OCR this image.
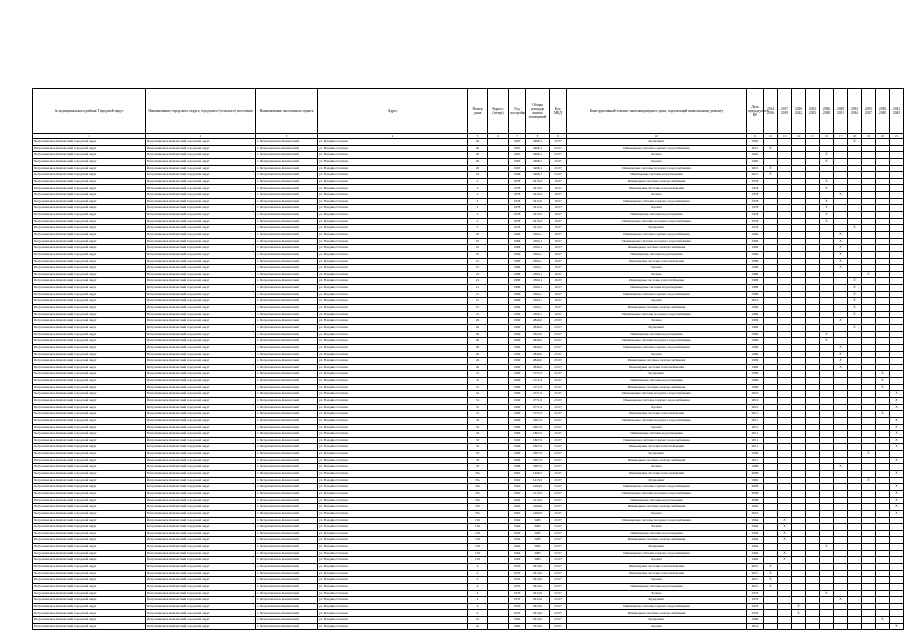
№ муниципального района/ Городской округ	Наименование городского округа, городского (сельского) поселения	Наименование населенного пункта	Адрес	Номер дома	Корпус (литер)	Год постройки	Общая площадь жилых помещений	Кол. МКД	Конструктивный элемент многоквартирного дома, подлежащий капитальному ремонту	Дата предыдущего КР	2014 2016	2017 2019	2020 2022	2023 2025	2026 2028	2029 2031	2032 2034	2035 2037	2038 2040	2041 2043
1	2	3	4	5	6	7	8	9	10	11	12	13	14	15	16	17	18	19	20	21
Петропавловск-Камчатский городской округ	Петропавловск-Камчатский городской округ	г. Петропавловск-Камчатский	ул. Владивостокская	20		1965	3408,1	23 07	Фундамент	1965							X			
Петропавловск-Камчатский городской округ	Петропавловск-Камчатский городской округ	г. Петропавловск-Камчатский	ул. Владивостокская	20		1965	3408,1	23 07	Инженерные системы горячего водоснабжения	2015	X									
Петропавловск-Камчатский городской округ	Петропавловск-Камчатский городской округ	г. Петропавловск-Камчатский	ул. Владивостокская	20		1965	3408,1	23 07	Балкон	1965					X					
Петропавловск-Камчатский городской округ	Петропавловск-Камчатский городской округ	г. Петропавловск-Камчатский	ул. Владивостокская	20		1965	3408,1	23 07	Кровля	1965					X					
Петропавловск-Камчатский городской округ	Петропавловск-Камчатский городской округ	г. Петропавловск-Камчатский	ул. Владивостокская	20		1965	3408,1	23 07	Инженерные системы холодного водоснабжения	2015	X									
Петропавловск-Камчатский городской округ	Петропавловск-Камчатский городской округ	г. Петропавловск-Камчатский	ул. Владивостокская	19		1968	3408,1	23 07	Инженерные системы водоотведения	2015	X									
Петропавловск-Камчатский городской округ	Петропавловск-Камчатский городской округ	г. Петропавловск-Камчатский	ул. Владивостокская	2		1978	5415,6	16 07	Инженерные системы электроснабжения	1978					X					
Петропавловск-Камчатский городской округ	Петропавловск-Камчатский городской округ	г. Петропавловск-Камчатский	ул. Владивостокская	2		1978	5415,6	16 07	Инженерные системы теплоснабжения	1978					X					
Петропавловск-Камчатский городской округ	Петропавловск-Камчатский городской округ	г. Петропавловск-Камчатский	ул. Владивостокская	2		1978	5415,6	16 07	Балкон	1978						X				
Петропавловск-Камчатский городской округ	Петропавловск-Камчатский городской округ	г. Петропавловск-Камчатский	ул. Владивостокская	2		1978	5415,6	16 07	Инженерные системы горячего водоснабжения	1978					X					
Петропавловск-Камчатский городской округ	Петропавловск-Камчатский городской округ	г. Петропавловск-Камчатский	ул. Владивостокская	2		1978	5415,6	16 07	Кровля	1978					X					
Петропавловск-Камчатский городской округ	Петропавловск-Камчатский городской округ	г. Петропавловск-Камчатский	ул. Владивостокская	2		1978	5415,6	16 07	Инженерные системы водоотведения	1978					X					
Петропавловск-Камчатский городской округ	Петропавловск-Камчатский городской округ	г. Петропавловск-Камчатский	ул. Владивостокская	2		1978	5415,6	16 07	Инженерные системы холодного водоснабжения	1978					X					
Петропавловск-Камчатский городской округ	Петропавловск-Камчатский городской округ	г. Петропавловск-Камчатский	ул. Владивостокская	2		1978	5415,6	16 07	Фундамент	1978							X			
Петропавловск-Камчатский городской округ	Петропавловск-Камчатский городской округ	г. Петропавловск-Камчатский	ул. Владивостокская	25		1984	2304,1	16 07	Инженерные системы горячего водоснабжения	1984						X				
Петропавловск-Камчатский городской округ	Петропавловск-Камчатский городской округ	г. Петропавловск-Камчатский	ул. Владивостокская	25		1984	2304,1	16 07	Инженерные системы холодного водоснабжения	1984						X				
Петропавловск-Камчатский городской округ	Петропавловск-Камчатский городской округ	г. Петропавловск-Камчатский	ул. Владивостокская	25		1984	2304,1	16 07	Инженерные системы электроснабжения	1984						X				
Петропавловск-Камчатский городской округ	Петропавловск-Камчатский городской округ	г. Петропавловск-Камчатский	ул. Владивостокская	25		1984	2304,1	16 07	Инженерные системы водоотведения	1984						X				
Петропавловск-Камчатский городской округ	Петропавловск-Камчатский городской округ	г. Петропавловск-Камчатский	ул. Владивостокская	21		1986	2304,1	16 07	Инженерные системы теплоснабжения	1986						X				
Петропавловск-Камчатский городской округ	Петропавловск-Камчатский городской округ	г. Петропавловск-Камчатский	ул. Владивостокская	21		1986	2304,1	16 07	Кровля	1986						X				
Петропавловск-Камчатский городской округ	Петропавловск-Камчатский городской округ	г. Петропавловск-Камчатский	ул. Владивостокская	23		1986	2304,1	16 07	Балкон	1986								X		
Петропавловск-Камчатский городской округ	Петропавловск-Камчатский городской округ	г. Петропавловск-Камчатский	ул. Владивостокская	21		1986	2304,1	16 07	Инженерные системы теплоснабжения	1986							X			
Петропавловск-Камчатский городской округ	Петропавловск-Камчатский городской округ	г. Петропавловск-Камчатский	ул. Владивостокская	21		1986	2304,1	16 07	Инженерные системы водоотведения	1986							X			
Петропавловск-Камчатский городской округ	Петропавловск-Камчатский городской округ	г. Петропавловск-Камчатский	ул. Владивостокская	21		1986	2304,1	16 07	Инженерные системы горячего водоснабжения	1986							X			
Петропавловск-Камчатский городской округ	Петропавловск-Камчатский городской округ	г. Петропавловск-Камчатский	ул. Владивостокская	21		1986	2304,1	16 07	Кровля	2016							X			
Петропавловск-Камчатский городской округ	Петропавловск-Камчатский городской округ	г. Петропавловск-Камчатский	ул. Владивостокская	21		1984	2304,1	16 07	Инженерные системы электроснабжения	1984							X			
Петропавловск-Камчатский городской округ	Петропавловск-Камчатский городской округ	г. Петропавловск-Камчатский	ул. Владивостокская	21		1984	2304,1	16 07	Инженерные системы холодного водоснабжения	1984							X			
Петропавловск-Камчатский городской округ	Петропавловск-Камчатский городской округ	г. Петропавловск-Камчатский	ул. Владивостокская	29		1969	2840,0	23 07	Балкон	1969						X				
Петропавловск-Камчатский городской округ	Петропавловск-Камчатский городской округ	г. Петропавловск-Камчатский	ул. Владивостокская	29		1969	2840,0	23 07	Фундамент	1969							X			
Петропавловск-Камчатский городской округ	Петропавловск-Камчатский городской округ	г. Петропавловск-Камчатский	ул. Владивостокская	29		1969	1843,6	23 07	Инженерные системы водоотведения	1969					X					
Петропавловск-Камчатский городской округ	Петропавловск-Камчатский городской округ	г. Петропавловск-Камчатский	ул. Владивостокская	26		1969	2840,0	23 07	Инженерные системы холодного водоснабжения	1969					X					
Петропавловск-Камчатский городской округ	Петропавловск-Камчатский городской округ	г. Петропавловск-Камчатский	ул. Владивостокская	26		1969	2840,0	23 07	Инженерные системы горячего водоснабжения	1969						X				
Петропавловск-Камчатский городской округ	Петропавловск-Камчатский городской округ	г. Петропавловск-Камчатский	ул. Владивостокская	26		1969	2840,0	23 07	Кровля	1969						X				
Петропавловск-Камчатский городской округ	Петропавловск-Камчатский городской округ	г. Петропавловск-Камчатский	ул. Владивостокская	26		1969	2840,0	23 07	Инженерные системы электроснабжения	1969						X				
Петропавловск-Камчатский городской округ	Петропавловск-Камчатский городской округ	г. Петропавловск-Камчатский	ул. Владивостокская	26		1969	2840,0	23 07	Инженерные системы теплоснабжения	1969						X				
Петропавловск-Камчатский городской округ	Петропавловск-Камчатский городской округ	г. Петропавловск-Камчатский	ул. Владивостокская	31		1969	2771,9	25 07	Фундамент	1969									X	
Петропавловск-Камчатский городской округ	Петропавловск-Камчатский городской округ	г. Петропавловск-Камчатский	ул. Владивостокская	31		1969	2771,9	25 07	Инженерные системы водоотведения	1969									X	
Петропавловск-Камчатский городской округ	Петропавловск-Камчатский городской округ	г. Петропавловск-Камчатский	ул. Владивостокская	31		1969	2771,9	25 07	Инженерные системы электроснабжения	1969									X	
Петропавловск-Камчатский городской округ	Петропавловск-Камчатский городской округ	г. Петропавловск-Камчатский	ул. Владивостокская	31		1969	2771,9	25 07	Инженерные системы холодного водоснабжения	2010										X
Петропавловск-Камчатский городской округ	Петропавловск-Камчатский городской округ	г. Петропавловск-Камчатский	ул. Владивостокская	31		1969	2771,9	25 07	Инженерные системы горячего водоснабжения	2010										X
Петропавловск-Камчатский городской округ	Петропавловск-Камчатский городской округ	г. Петропавловск-Камчатский	ул. Владивостокская	31		1969	2771,9	25 07	Кровля	2010										X
Петропавловск-Камчатский городской округ	Петропавловск-Камчатский городской округ	г. Петропавловск-Камчатский	ул. Владивостокская	31		1969	2771,9	25 07	Инженерные системы теплоснабжения	2011									X	
Петропавловск-Камчатский городской округ	Петропавловск-Камчатский городской округ	г. Петропавловск-Камчатский	ул. Владивостокская	33		1966	1807,9	23 07	Инженерные системы холодного водоснабжения	2011										X
Петропавловск-Камчатский городской округ	Петропавловск-Камчатский городской округ	г. Петропавловск-Камчатский	ул. Владивостокская	33		1966	1807,9	23 07	Кровля	2013										X
Петропавловск-Камчатский городской округ	Петропавловск-Камчатский городской округ	г. Петропавловск-Камчатский	ул. Владивостокская	33		1966	1807,9	23 07	Инженерные системы водоотведения	2011										X
Петропавловск-Камчатский городской округ	Петропавловск-Камчатский городской округ	г. Петропавловск-Камчатский	ул. Владивостокская	33		1966	1807,9	23 07	Инженерные системы горячего водоснабжения	2011										X
Петропавловск-Камчатский городской округ	Петропавловск-Камчатский городской округ	г. Петропавловск-Камчатский	ул. Владивостокская	33		1966	1807,9	23 07	Инженерные системы теплоснабжения	2011										X
Петропавловск-Камчатский городской округ	Петропавловск-Камчатский городской округ	г. Петропавловск-Камчатский	ул. Владивостокская	33		1966	1807,9	23 07	Фундамент	1966								X		
Петропавловск-Камчатский городской округ	Петропавловск-Камчатский городской округ	г. Петропавловск-Камчатский	ул. Владивостокская	33		1966	1807,9	23 07	Инженерные системы электроснабжения	2011										X
Петропавловск-Камчатский городской округ	Петропавловск-Камчатский городской округ	г. Петропавловск-Камчатский	ул. Владивостокская	35		1968	1897,9	23 07	Балкон	1968						X				
Петропавловск-Камчатский городской округ	Петропавловск-Камчатский городской округ	г. Петропавловск-Камчатский	ул. Владивостокская	35а		1962	1409,5	23 07	Инженерные системы теплоснабжения	2008										X
Петропавловск-Камчатский городской округ	Петропавловск-Камчатский городской округ	г. Петропавловск-Камчатский	ул. Владивостокская	35а		1962	1413,9	23 07	Фундамент	1962								X		
Петропавловск-Камчатский городской округ	Петропавловск-Камчатский городской округ	г. Петропавловск-Камчатский	ул. Владивостокская	35а		1962	1409,9	23 07	Инженерные системы горячего водоснабжения	2008										X
Петропавловск-Камчатский городской округ	Петропавловск-Камчатский городской округ	г. Петропавловск-Камчатский	ул. Владивостокская	35а		1962	1413,9	23 07	Инженерные системы холодного водоснабжения	2008										X
Петропавловск-Камчатский городской округ	Петропавловск-Камчатский городской округ	г. Петропавловск-Камчатский	ул. Владивостокская	35а		1962	1413,9	23 07	Инженерные системы водоотведения	2008										X
Петропавловск-Камчатский городской округ	Петропавловск-Камчатский городской округ	г. Петропавловск-Камчатский	ул. Владивостокская	35а		1962	1409,9	23 07	Инженерные системы электроснабжения	1962										X
Петропавловск-Камчатский городской округ	Петропавловск-Камчатский городской округ	г. Петропавловск-Камчатский	ул. Владивостокская	35а		1962	1409,9	23 07	Кровля	2010										X
Петропавловск-Камчатский городской округ	Петропавловск-Камчатский городской округ	г. Петропавловск-Камчатский	ул. Владивостокская	156		1964	3485	23 07	Инженерные системы холодного водоснабжения	1964		X								
Петропавловск-Камчатский городской округ	Петропавловск-Камчатский городской округ	г. Петропавловск-Камчатский	ул. Владивостокская	156		1964	3485	23 07	Балкон	1964		X								
Петропавловск-Камчатский городской округ	Петропавловск-Камчатский городской округ	г. Петропавловск-Камчатский	ул. Владивостокская	156		1964	3485	23 07	Инженерные системы водоотведения	1964		X								
Петропавловск-Камчатский городской округ	Петропавловск-Камчатский городской округ	г. Петропавловск-Камчатский	ул. Владивостокская	156		1964	3485	23 07	Инженерные системы электроснабжения	1964		X								
Петропавловск-Камчатский городской округ	Петропавловск-Камчатский городской округ	г. Петропавловск-Камчатский	ул. Владивостокская	156		1964	3485	23 07	Фундамент	1964					X					
Петропавловск-Камчатский городской округ	Петропавловск-Камчатский городской округ	г. Петропавловск-Камчатский	ул. Владивостокская	156		1964	3485	23 07	Инженерные системы горячего водоснабжения	1964		X								
Петропавловск-Камчатский городской округ	Петропавловск-Камчатский городской округ	г. Петропавловск-Камчатский	ул. Владивостокская	156		1964	3485	23 07	Кровля	1964		X								
Петропавловск-Камчатский городской округ	Петропавловск-Камчатский городской округ	г. Петропавловск-Камчатский	ул. Владивостокская	4		1979	5613,6	23 07	Инженерные системы теплоснабжения	2015	X									
Петропавловск-Камчатский городской округ	Петропавловск-Камчатский городской округ	г. Петропавловск-Камчатский	ул. Владивостокская	4		1979	5613,6	23 07	Инженерные системы теплоснабжения	2015	X									
Петропавловск-Камчатский городской округ	Петропавловск-Камчатский городской округ	г. Петропавловск-Камчатский	ул. Владивостокская	4		1979	5613,6	23 07	Кровля	2015	X									
Петропавловск-Камчатский городской округ	Петропавловск-Камчатский городской округ	г. Петропавловск-Камчатский	ул. Владивостокская	4		1979	5613,6	23 07	Инженерные системы водоотведения	2015	X									
Петропавловск-Камчатский городской округ	Петропавловск-Камчатский городской округ	г. Петропавловск-Камчатский	ул. Владивостокская	4		1979	5613,6	23 07	Балкон	1979					X					
Петропавловск-Камчатский городской округ	Петропавловск-Камчатский городской округ	г. Петропавловск-Камчатский	ул. Владивостокская	4		1979	5613,6	23 07	Фундамент	1979						X				
Петропавловск-Камчатский городской округ	Петропавловск-Камчатский городской округ	г. Петропавловск-Камчатский	ул. Владивостокская	4		1979	5613,6	23 07	Инженерные системы горячего водоснабжения	1979			X							
Петропавловск-Камчатский городской округ	Петропавловск-Камчатский городской округ	г. Петропавловск-Камчатский	ул. Владивостокская	4		1979	5613,6	23 07	Инженерные системы электроснабжения	1979			X							
Петропавловск-Камчатский городской округ	Петропавловск-Камчатский городской округ	г. Петропавловск-Камчатский	ул. Владивостокская	41		1960	1813,6	23 07	Фундамент	1960									X	
Петропавловск-Камчатский городской округ	Петропавловск-Камчатский городской округ	г. Петропавловск-Камчатский	ул. Владивостокская	41		1960	1813,6	23 07	Кровля	2016										X
